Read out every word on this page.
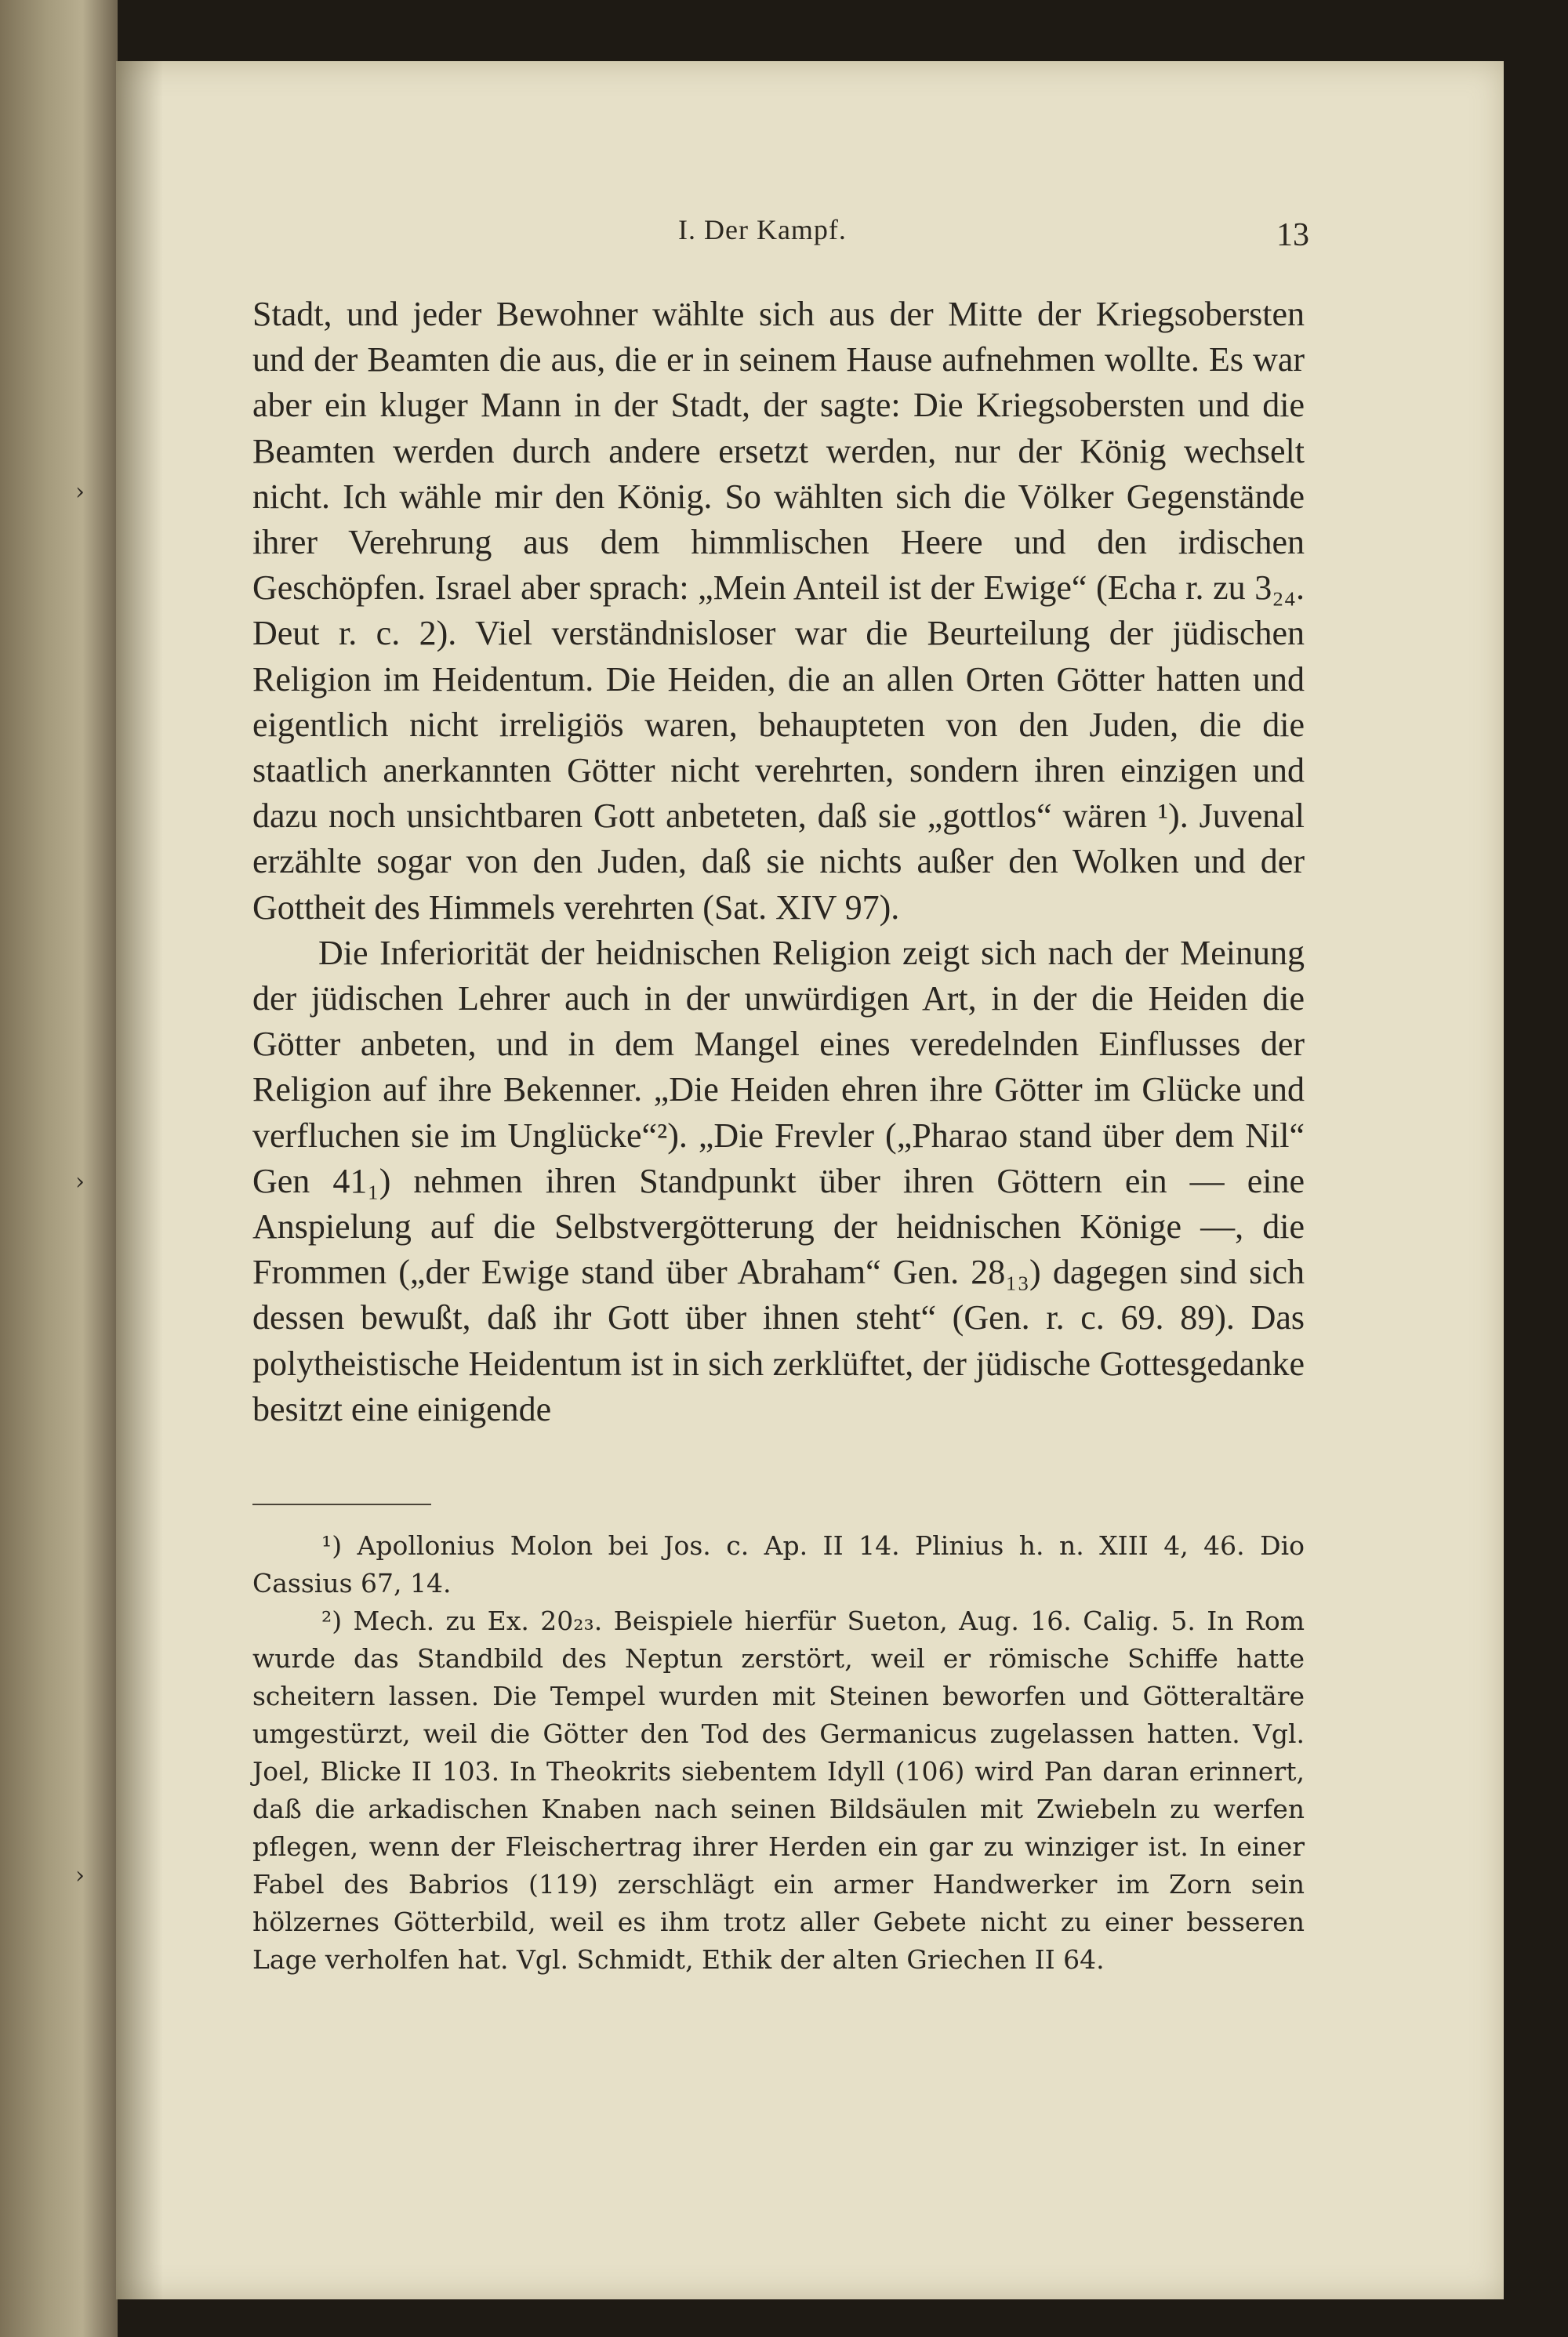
›
›
›
I. Der Kampf.	13

Stadt, und jeder Bewohner wählte sich aus der Mitte der Kriegsobersten und der Beamten die aus, die er in seinem Hause aufnehmen wollte. Es war aber ein kluger Mann in der Stadt, der sagte: Die Kriegsobersten und die Beamten werden durch andere ersetzt werden, nur der König wechselt nicht. Ich wähle mir den König. So wählten sich die Völker Gegenstände ihrer Verehrung aus dem himmlischen Heere und den irdischen Geschöpfen. Israel aber sprach: „Mein Anteil ist der Ewige“ (Echa r. zu 3₂₄. Deut r. c. 2). Viel verständnisloser war die Beurteilung der jüdischen Religion im Heidentum. Die Heiden, die an allen Orten Götter hatten und eigentlich nicht irreligiös waren, behaupteten von den Juden, die die staatlich anerkannten Götter nicht verehrten, sondern ihren einzigen und dazu noch unsichtbaren Gott anbeteten, daß sie „gottlos“ wären ¹). Juvenal erzählte sogar von den Juden, daß sie nichts außer den Wolken und der Gottheit des Himmels verehrten (Sat. XIV 97).

Die Inferiorität der heidnischen Religion zeigt sich nach der Meinung der jüdischen Lehrer auch in der unwürdigen Art, in der die Heiden die Götter anbeten, und in dem Mangel eines veredelnden Einflusses der Religion auf ihre Bekenner. „Die Heiden ehren ihre Götter im Glücke und verfluchen sie im Unglücke“²). „Die Frevler („Pharao stand über dem Nil“ Gen 41₁) nehmen ihren Standpunkt über ihren Göttern ein — eine Anspielung auf die Selbstvergötterung der heidnischen Könige —, die Frommen („der Ewige stand über Abraham“ Gen. 28₁₃) dagegen sind sich dessen bewußt, daß ihr Gott über ihnen steht“ (Gen. r. c. 69. 89). Das polytheistische Heidentum ist in sich zerklüftet, der jüdische Gottesgedanke besitzt eine einigende

¹) Apollonius Molon bei Jos. c. Ap. II 14. Plinius h. n. XIII 4, 46. Dio Cassius 67, 14.

²) Mech. zu Ex. 20₂₃. Beispiele hierfür Sueton, Aug. 16. Calig. 5. In Rom wurde das Standbild des Neptun zerstört, weil er römische Schiffe hatte scheitern lassen. Die Tempel wurden mit Steinen beworfen und Götteraltäre umgestürzt, weil die Götter den Tod des Germanicus zugelassen hatten. Vgl. Joel, Blicke II 103. In Theokrits siebentem Idyll (106) wird Pan daran erinnert, daß die arkadischen Knaben nach seinen Bildsäulen mit Zwiebeln zu werfen pflegen, wenn der Fleischertrag ihrer Herden ein gar zu winziger ist. In einer Fabel des Babrios (119) zerschlägt ein armer Handwerker im Zorn sein hölzernes Götterbild, weil es ihm trotz aller Gebete nicht zu einer besseren Lage verholfen hat. Vgl. Schmidt, Ethik der alten Griechen II 64.
